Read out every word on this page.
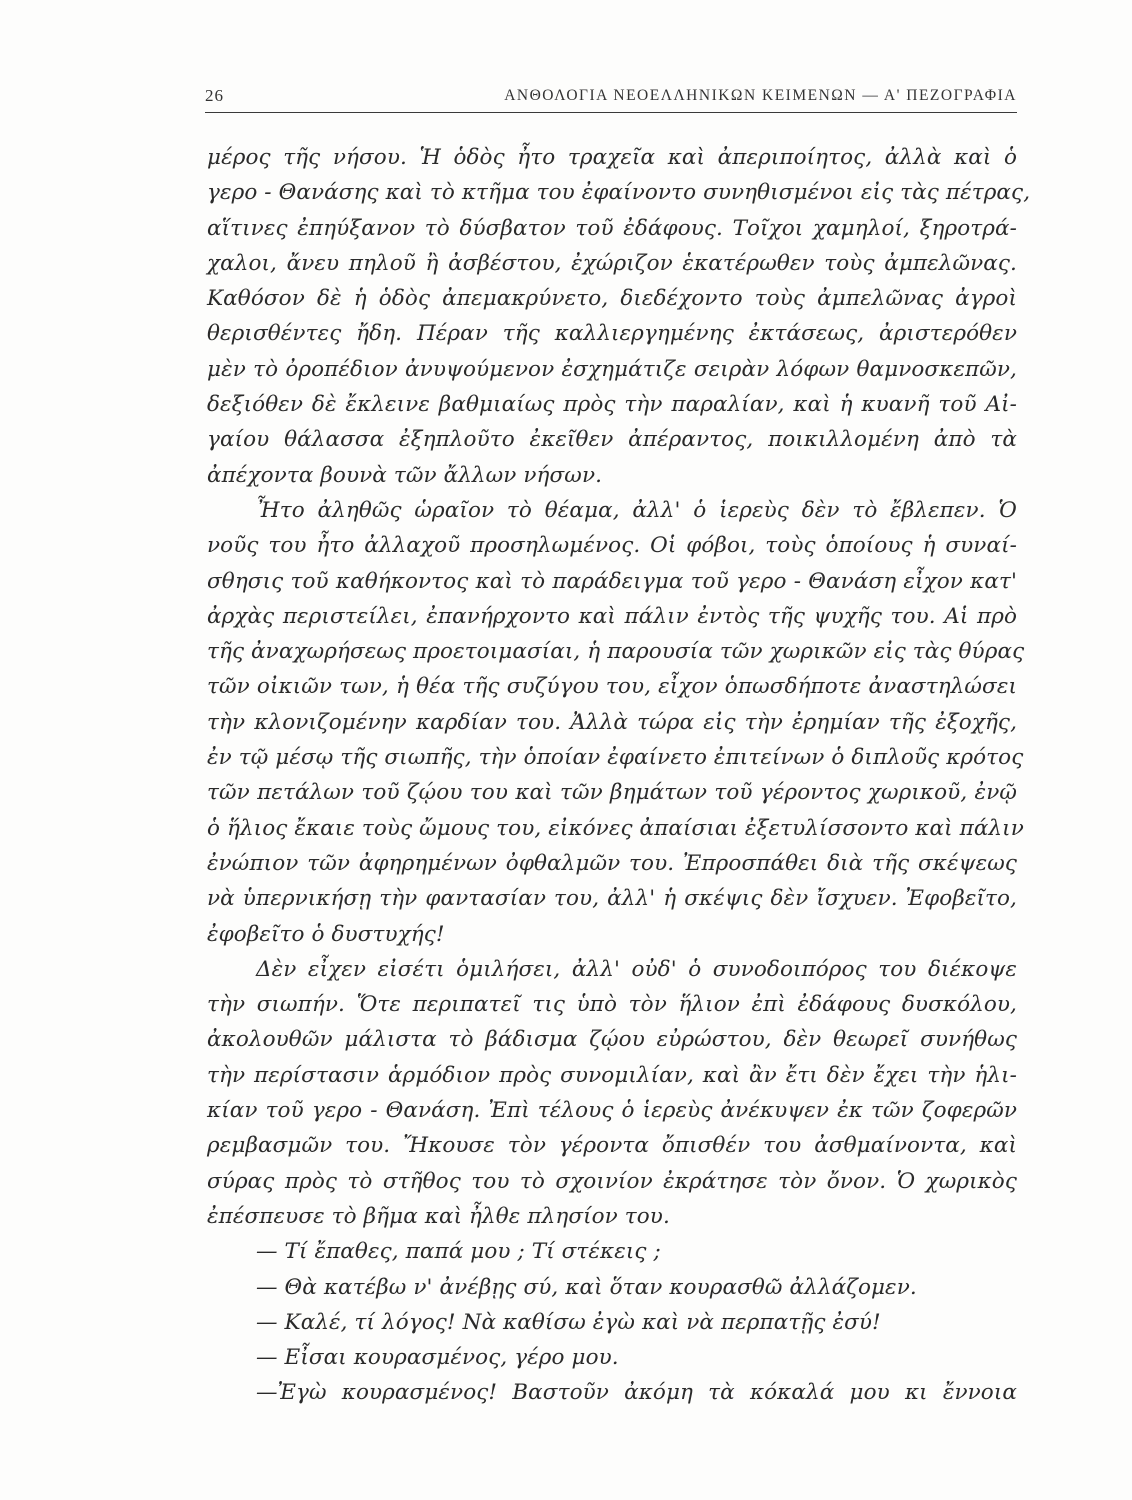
26	ΑΝΘΟΛΟΓΙΑ ΝΕΟΕΛΛΗΝΙΚΩΝ ΚΕΙΜΕΝΩΝ — Α' ΠΕΖΟΓΡΑΦΙΑ
μέρος τῆς νήσου. Ἡ ὁδὸς ἦτο τραχεῖα καὶ ἀπεριποίητος, ἀλλὰ καὶ ὁ
γερο - Θανάσης καὶ τὸ κτῆμα του ἐφαίνοντο συνηθισμένοι εἰς τὰς πέτρας,
αἵτινες ἐπηύξανον τὸ δύσβατον τοῦ ἐδάφους. Τοῖχοι χαμηλοί, ξηροτρά-
χαλοι, ἄνευ πηλοῦ ἢ ἀσβέστου, ἐχώριζον ἑκατέρωθεν τοὺς ἀμπελῶνας.
Καθόσον δὲ ἡ ὁδὸς ἀπεμακρύνετο, διεδέχοντο τοὺς ἀμπελῶνας ἀγροὶ
θερισθέντες ἤδη. Πέραν τῆς καλλιεργημένης ἐκτάσεως, ἀριστερόθεν
μὲν τὸ ὀροπέδιον ἀνυψούμενον ἐσχημάτιζε σειρὰν λόφων θαμνοσκεπῶν,
δεξιόθεν δὲ ἔκλεινε βαθμιαίως πρὸς τὴν παραλίαν, καὶ ἡ κυανῆ τοῦ Αἰ-
γαίου θάλασσα ἐξηπλοῦτο ἐκεῖθεν ἀπέραντος, ποικιλλομένη ἀπὸ τὰ
ἀπέχοντα βουνὰ τῶν ἄλλων νήσων.
Ἦτο ἀληθῶς ὡραῖον τὸ θέαμα, ἀλλ' ὁ ἱερεὺς δὲν τὸ ἔβλεπεν. Ὁ
νοῦς του ἦτο ἀλλαχοῦ προσηλωμένος. Οἱ φόβοι, τοὺς ὁποίους ἡ συναί-
σθησις τοῦ καθήκοντος καὶ τὸ παράδειγμα τοῦ γερο - Θανάση εἶχον κατ'
ἀρχὰς περιστείλει, ἐπανήρχοντο καὶ πάλιν ἐντὸς τῆς ψυχῆς του. Αἱ πρὸ
τῆς ἀναχωρήσεως προετοιμασίαι, ἡ παρουσία τῶν χωρικῶν εἰς τὰς θύρας
τῶν οἰκιῶν των, ἡ θέα τῆς συζύγου του, εἶχον ὁπωσδήποτε ἀναστηλώσει
τὴν κλονιζομένην καρδίαν του. Ἀλλὰ τώρα εἰς τὴν ἐρημίαν τῆς ἐξοχῆς,
ἐν τῷ μέσῳ τῆς σιωπῆς, τὴν ὁποίαν ἐφαίνετο ἐπιτείνων ὁ διπλοῦς κρότος
τῶν πετάλων τοῦ ζῴου του καὶ τῶν βημάτων τοῦ γέροντος χωρικοῦ, ἐνῷ
ὁ ἥλιος ἔκαιε τοὺς ὤμους του, εἰκόνες ἀπαίσιαι ἐξετυλίσσοντο καὶ πάλιν
ἐνώπιον τῶν ἀφηρημένων ὀφθαλμῶν του. Ἐπροσπάθει διὰ τῆς σκέψεως
νὰ ὑπερνικήσῃ τὴν φαντασίαν του, ἀλλ' ἡ σκέψις δὲν ἴσχυεν. Ἐφοβεῖτο,
ἐφοβεῖτο ὁ δυστυχής!
Δὲν εἶχεν εἰσέτι ὁμιλήσει, ἀλλ' οὐδ' ὁ συνοδοιπόρος του διέκοψε
τὴν σιωπήν. Ὅτε περιπατεῖ τις ὑπὸ τὸν ἥλιον ἐπὶ ἐδάφους δυσκόλου,
ἀκολουθῶν μάλιστα τὸ βάδισμα ζῴου εὐρώστου, δὲν θεωρεῖ συνήθως
τὴν περίστασιν ἁρμόδιον πρὸς συνομιλίαν, καὶ ἂν ἔτι δὲν ἔχει τὴν ἡλι-
κίαν τοῦ γερο - Θανάση. Ἐπὶ τέλους ὁ ἱερεὺς ἀνέκυψεν ἐκ τῶν ζοφερῶν
ρεμβασμῶν του. Ἤκουσε τὸν γέροντα ὄπισθέν του ἀσθμαίνοντα, καὶ
σύρας πρὸς τὸ στῆθος του τὸ σχοινίον ἐκράτησε τὸν ὄνον. Ὁ χωρικὸς
ἐπέσπευσε τὸ βῆμα καὶ ἦλθε πλησίον του.
— Τί ἔπαθες, παπά μου ; Τί στέκεις ;
— Θὰ κατέβω ν' ἀνέβῃς σύ, καὶ ὅταν κουρασθῶ ἀλλάζομεν.
— Καλέ, τί λόγος! Νὰ καθίσω ἐγὼ καὶ νὰ περπατῇς ἐσύ!
— Εἶσαι κουρασμένος, γέρο μου.
—Ἐγὼ κουρασμένος! Βαστοῦν ἀκόμη τὰ κόκαλά μου κι ἔννοια
